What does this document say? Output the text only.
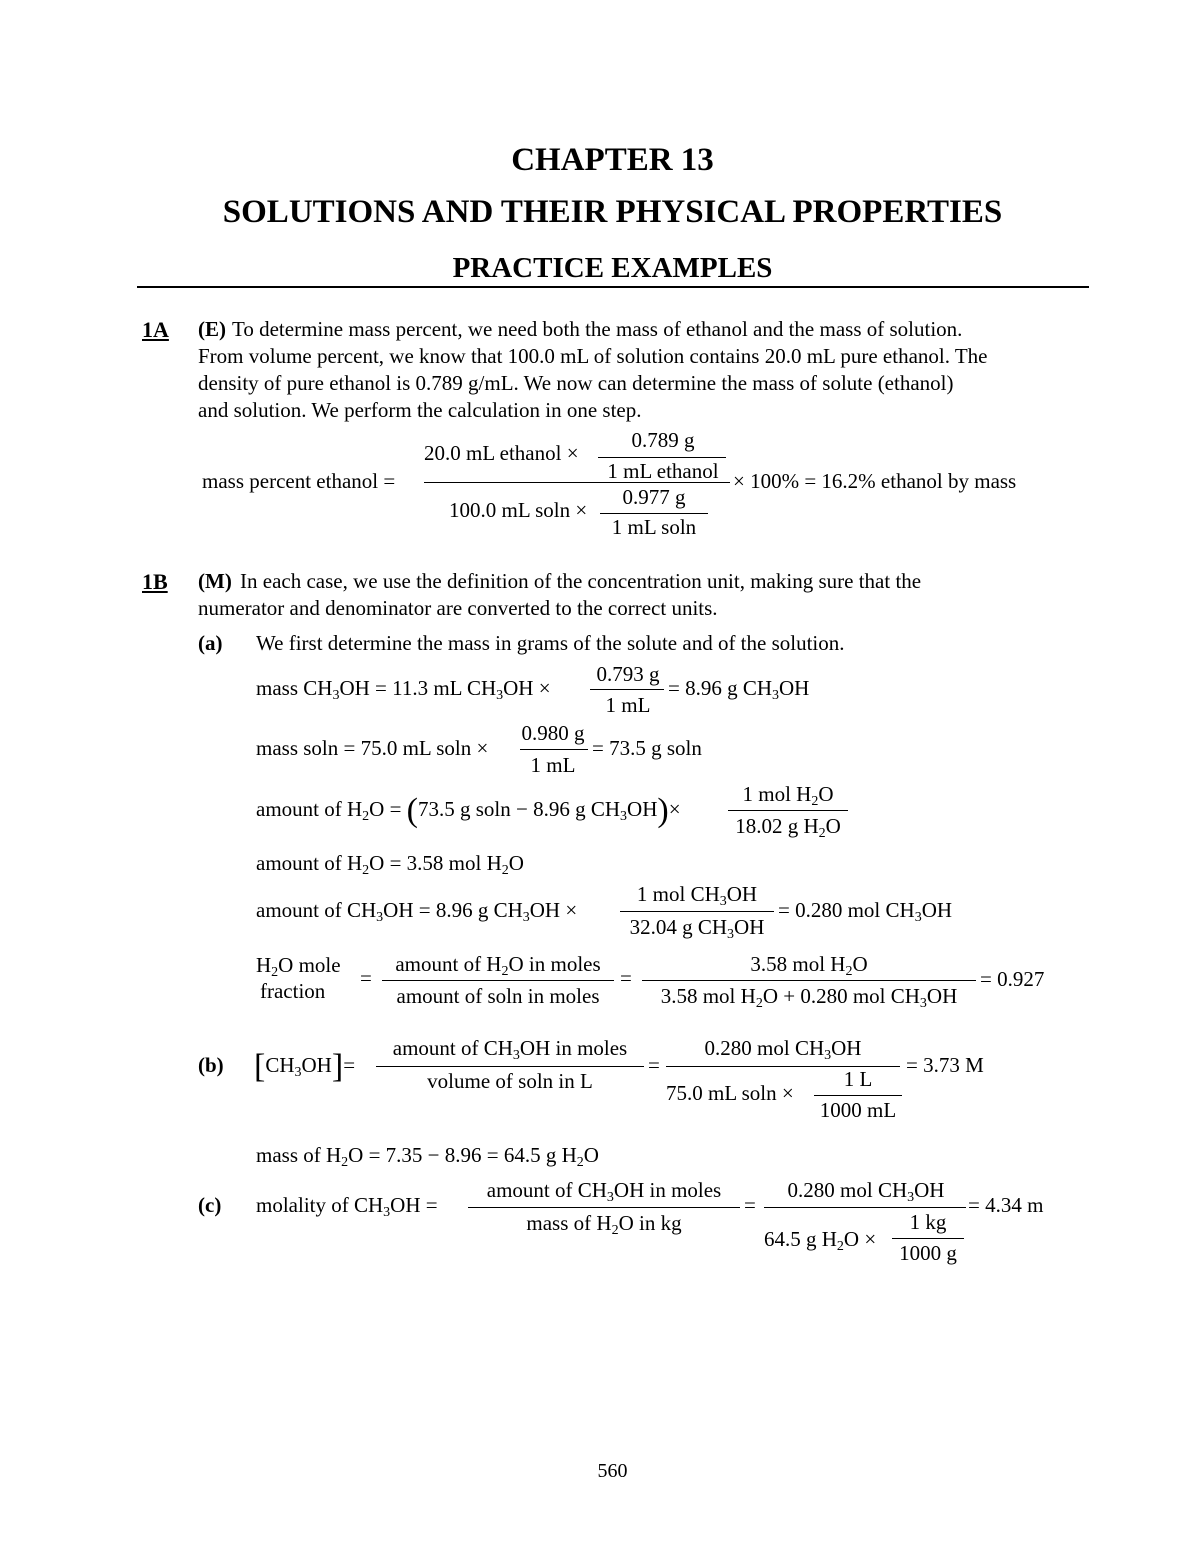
CHAPTER 13
SOLUTIONS AND THEIR PHYSICAL PROPERTIES
PRACTICE EXAMPLES
1A (E) To determine mass percent, we need both the mass of ethanol and the mass of solution.
From volume percent, we know that 100.0 mL of solution contains 20.0 mL pure ethanol. The
density of pure ethanol is 0.789 g/mL. We now can determine the mass of solute (ethanol)
and solution. We perform the calculation in one step.
mass percent ethanol =
20.0 mL ethanol ×
0.789 g
1 mL ethanol
100.0 mL soln ×
0.977 g
1 mL soln
× 100% = 16.2% ethanol by mass
1B (M) In each case, we use the definition of the concentration unit, making sure that the
numerator and denominator are converted to the correct units.
(a) We first determine the mass in grams of the solute and of the solution.
mass $CH_3OH = 11.3$ mL $CH_3OH$ ×
0.793 g
1 mL
= 8.96 g $CH_3OH$
mass soln = 75.0 mL soln ×
0.980 g
1 mL
= 73.5 g soln
amount of $H_2O = (73.5$ g soln − 8.96 g $CH_3OH)\times$
1 mol $H_2O$
18.02 g $H_2O$
amount of $H_2O = 3.58$ mol $H_2O$
amount of $CH_3OH = 8.96$ g $CH_3OH$ ×
1 mol $CH_3OH$
32.04 g $CH_3OH$
= 0.280 mol $CH_3OH$
$H_2O$ mole
fraction
=
amount of $H_2O$ in moles
amount of soln in moles
=
3.58 mol $H_2O$
3.58 mol $H_2O + 0.280$ mol $CH_3OH$
= 0.927
(b) $[CH_3OH]=$
amount of $CH_3OH$ in moles
volume of soln in L
=
0.280 mol $CH_3OH$
75.0 mL soln ×
1 L
1000 mL
= 3.73 M
mass of $H_2O = 7.35 - 8.96 = 64.5$ g $H_2O$
(c) molality of $CH_3OH$ =
amount of $CH_3OH$ in moles
mass of $H_2O$ in kg
=
0.280 mol $CH_3OH$
64.5 g $H_2O$ ×
1 kg
1000 g
= 4.34 m
560
